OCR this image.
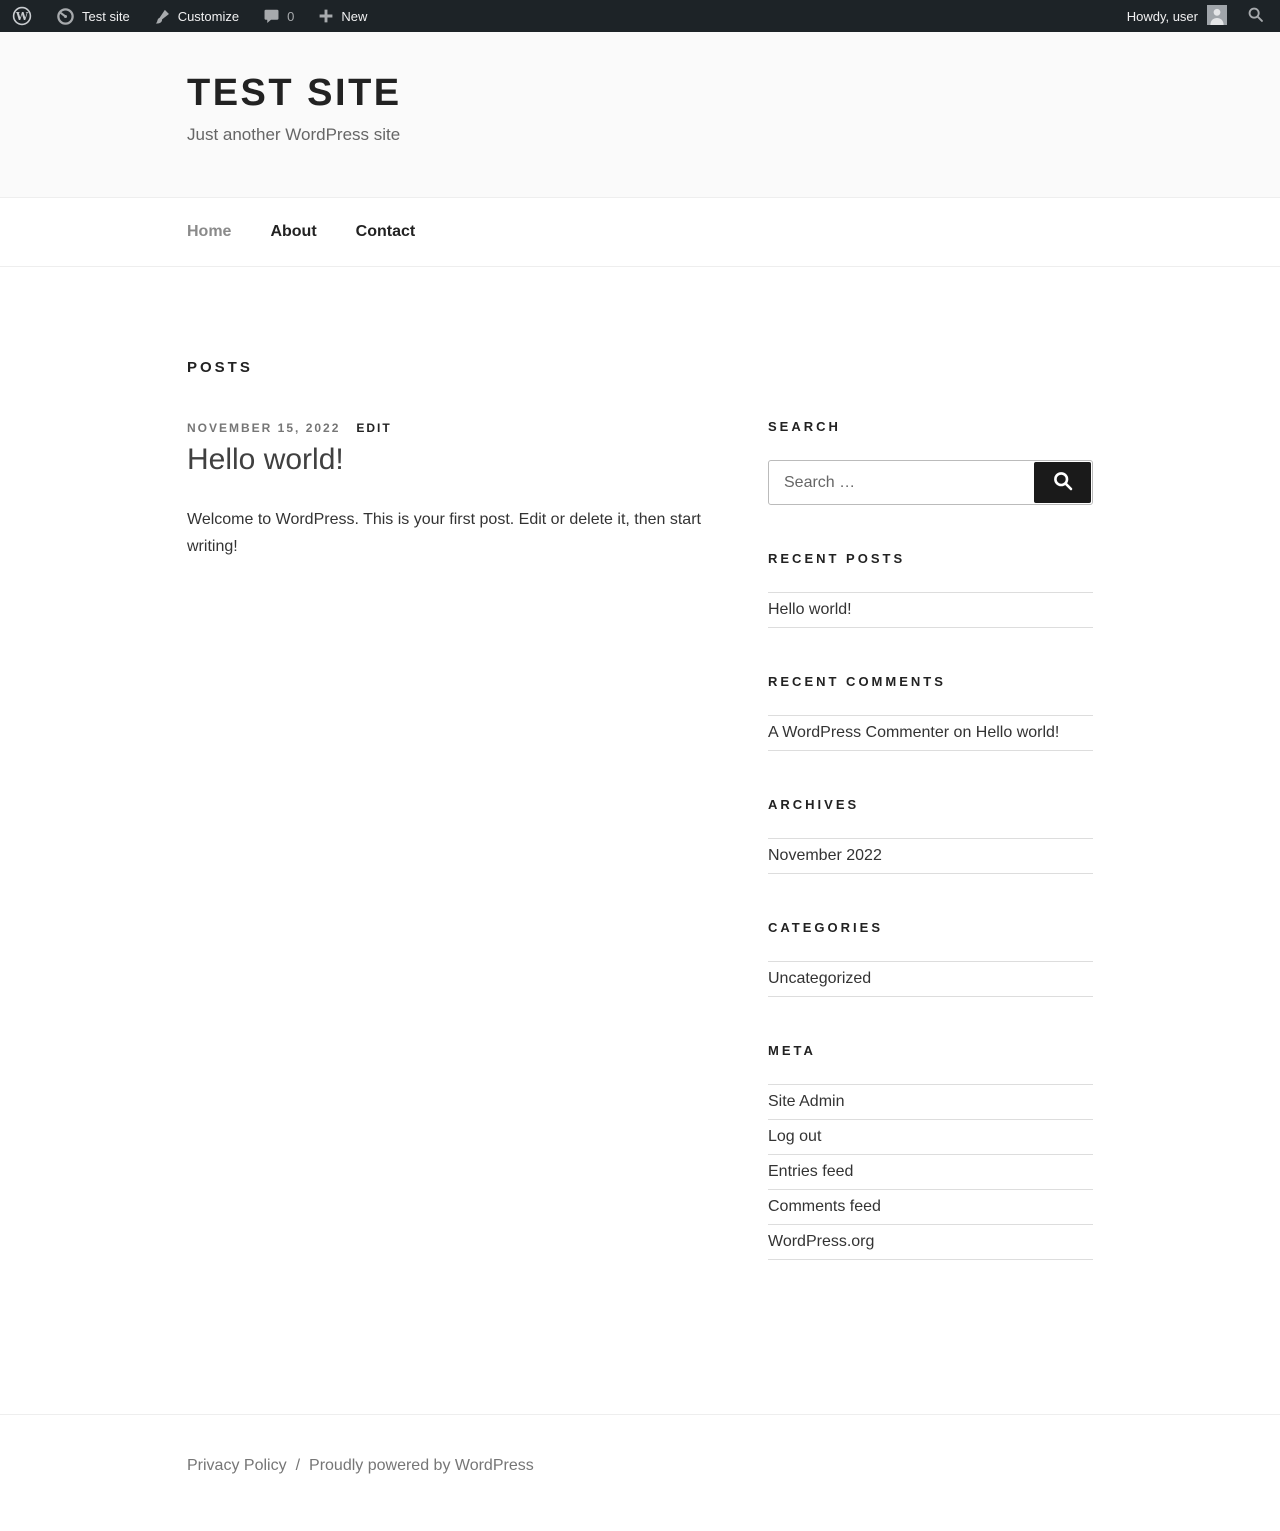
W	Test site	Customize	0	New	Howdy, user
TEST SITE

Just another WordPress site

Home About Contact
POSTS
NOVEMBER 15, 2022 EDIT
Hello world!

Welcome to WordPress. This is your first post. Edit or delete it, then start writing!

SEARCH
Search …
RECENT POSTS
Hello world!
RECENT COMMENTS
A WordPress Commenter on Hello world!
ARCHIVES
November 2022
CATEGORIES
Uncategorized
META
Site Admin
Log out
Entries feed
Comments feed
WordPress.org
Privacy Policy / Proudly powered by WordPress
